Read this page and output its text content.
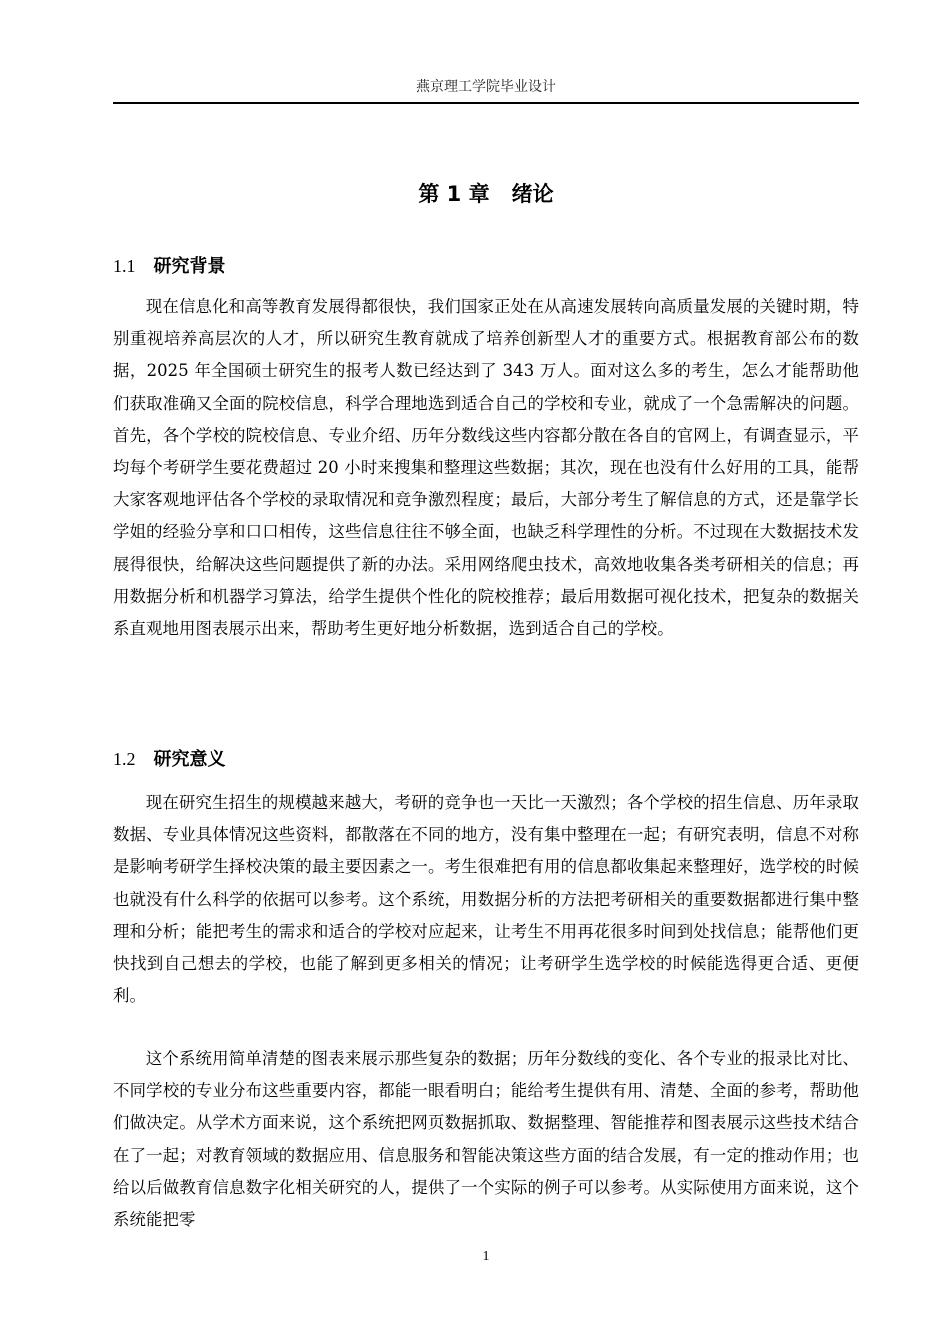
燕京理工学院毕业设计
第 1 章 绪论
1.1 研究背景

现在信息化和高等教育发展得都很快，我们国家正处在从高速发展转向高质量发展的关键时期，特别重视培养高层次的人才，所以研究生教育就成了培养创新型人才的重要方式。根据教育部公布的数据，2025 年全国硕士研究生的报考人数已经达到了 343 万人。面对这么多的考生，怎么才能帮助他们获取准确又全面的院校信息，科学合理地选到适合自己的学校和专业，就成了一个急需解决的问题。首先，各个学校的院校信息、专业介绍、历年分数线这些内容都分散在各自的官网上，有调查显示，平均每个考研学生要花费超过 20 小时来搜集和整理这些数据；其次，现在也没有什么好用的工具，能帮大家客观地评估各个学校的录取情况和竞争激烈程度；最后，大部分考生了解信息的方式，还是靠学长学姐的经验分享和口口相传，这些信息往往不够全面，也缺乏科学理性的分析。不过现在大数据技术发展得很快，给解决这些问题提供了新的办法。采用网络爬虫技术，高效地收集各类考研相关的信息；再用数据分析和机器学习算法，给学生提供个性化的院校推荐；最后用数据可视化技术，把复杂的数据关系直观地用图表展示出来，帮助考生更好地分析数据，选到适合自己的学校。

1.2 研究意义

现在研究生招生的规模越来越大，考研的竞争也一天比一天激烈；各个学校的招生信息、历年录取数据、专业具体情况这些资料，都散落在不同的地方，没有集中整理在一起；有研究表明，信息不对称是影响考研学生择校决策的最主要因素之一。考生很难把有用的信息都收集起来整理好，选学校的时候也就没有什么科学的依据可以参考。这个系统，用数据分析的方法把考研相关的重要数据都进行集中整理和分析；能把考生的需求和适合的学校对应起来，让考生不用再花很多时间到处找信息；能帮他们更快找到自己想去的学校，也能了解到更多相关的情况；让考研学生选学校的时候能选得更合适、更便利。

这个系统用简单清楚的图表来展示那些复杂的数据；历年分数线的变化、各个专业的报录比对比、不同学校的专业分布这些重要内容，都能一眼看明白；能给考生提供有用、清楚、全面的参考，帮助他们做决定。从学术方面来说，这个系统把网页数据抓取、数据整理、智能推荐和图表展示这些技术结合在了一起；对教育领域的数据应用、信息服务和智能决策这些方面的结合发展，有一定的推动作用；也给以后做教育信息数字化相关研究的人，提供了一个实际的例子可以参考。从实际使用方面来说，这个系统能把零

1
